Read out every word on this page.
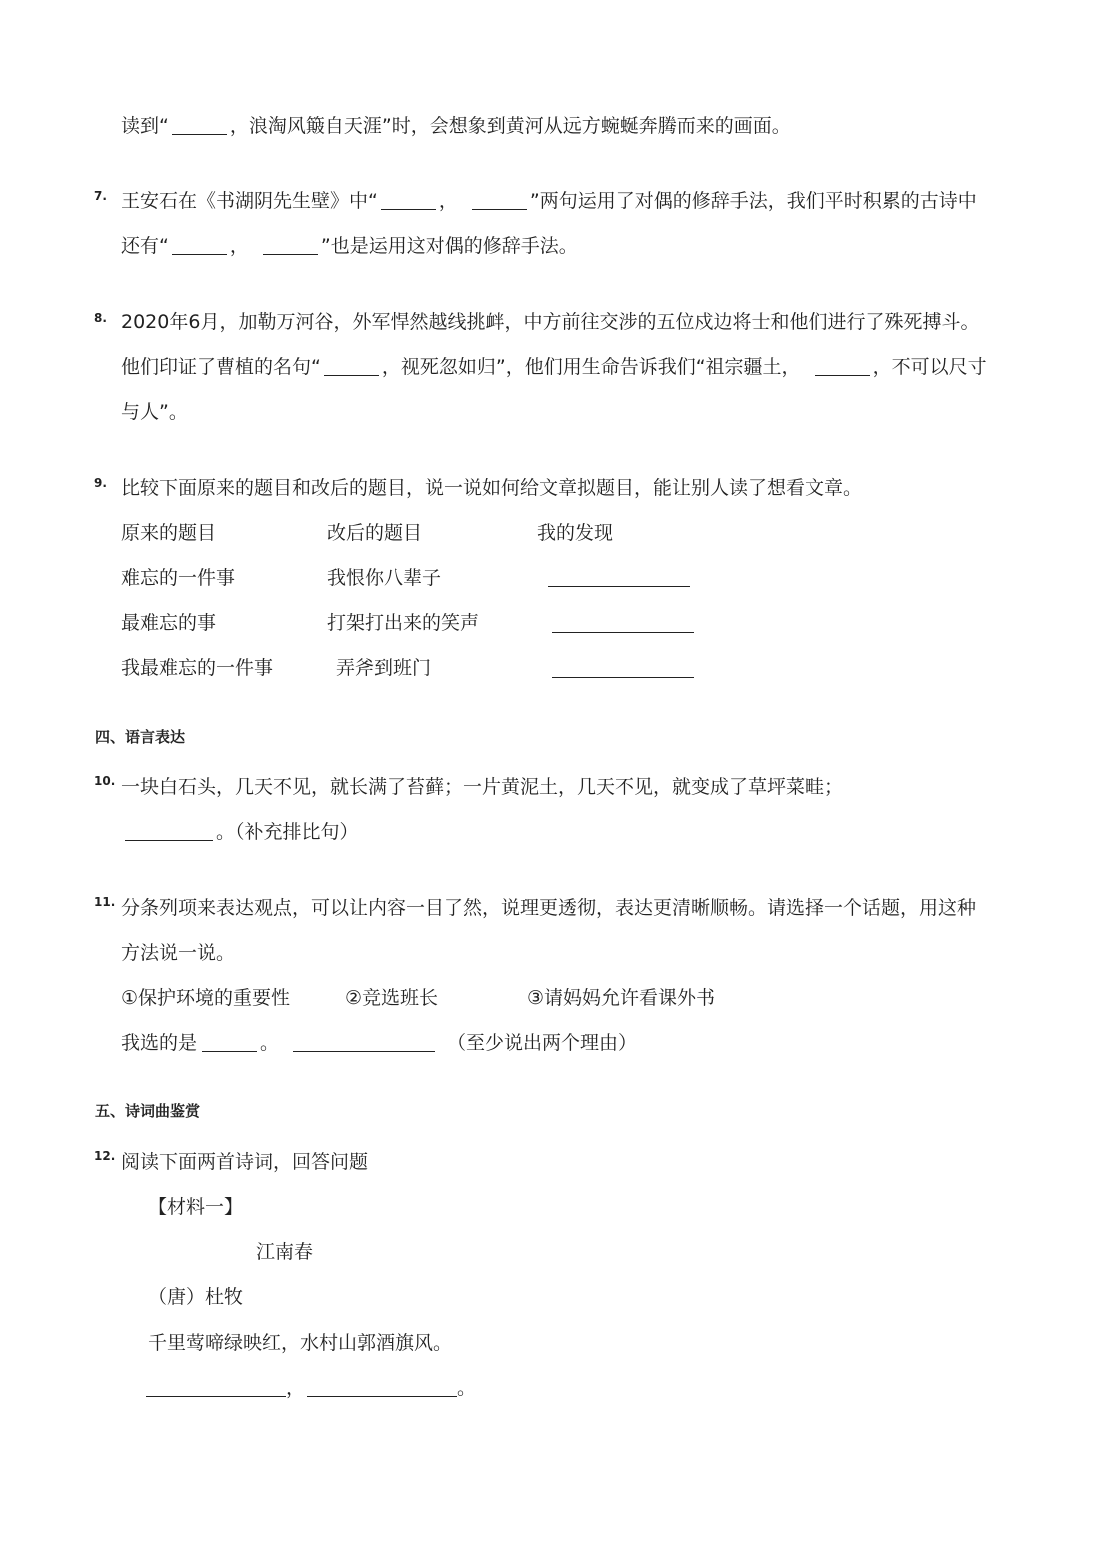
读到“	，浪淘风簸自天涯”时，会想象到黄河从远方蜿蜒奔腾而来的画面。
7. 王安石在《书湖阴先生壁》中“	，	”两句运用了对偶的修辞手法，我们平时积累的古诗中
还有“	，	”也是运用这对偶的修辞手法。
8. 2020年6月，加勒万河谷，外军悍然越线挑衅，中方前往交涉的五位戍边将士和他们进行了殊死搏斗。
他们印证了曹植的名句“	，视死忽如归”，他们用生命告诉我们“祖宗疆土，	，不可以尺寸
与人”。
9. 比较下面原来的题目和改后的题目，说一说如何给文章拟题目，能让别人读了想看文章。
原来的题目	改后的题目	我的发现
难忘的一件事	我恨你八辈子
最难忘的事	打架打出来的笑声
我最难忘的一件事	弄斧到班门
四、语言表达
10. 一块白石头，几天不见，就长满了苔藓；一片黄泥土，几天不见，就变成了草坪菜畦；
。（补充排比句）
11. 分条列项来表达观点，可以让内容一目了然，说理更透彻，表达更清晰顺畅。请选择一个话题，用这种
方法说一说。
①保护环境的重要性	②竞选班长	③请妈妈允许看课外书
我选的是	。	（至少说出两个理由）
五、诗词曲鉴赏
12. 阅读下面两首诗词，回答问题
【材料一】
江南春
（唐）杜牧
千里莺啼绿映红，水村山郭酒旗风。
，	。
